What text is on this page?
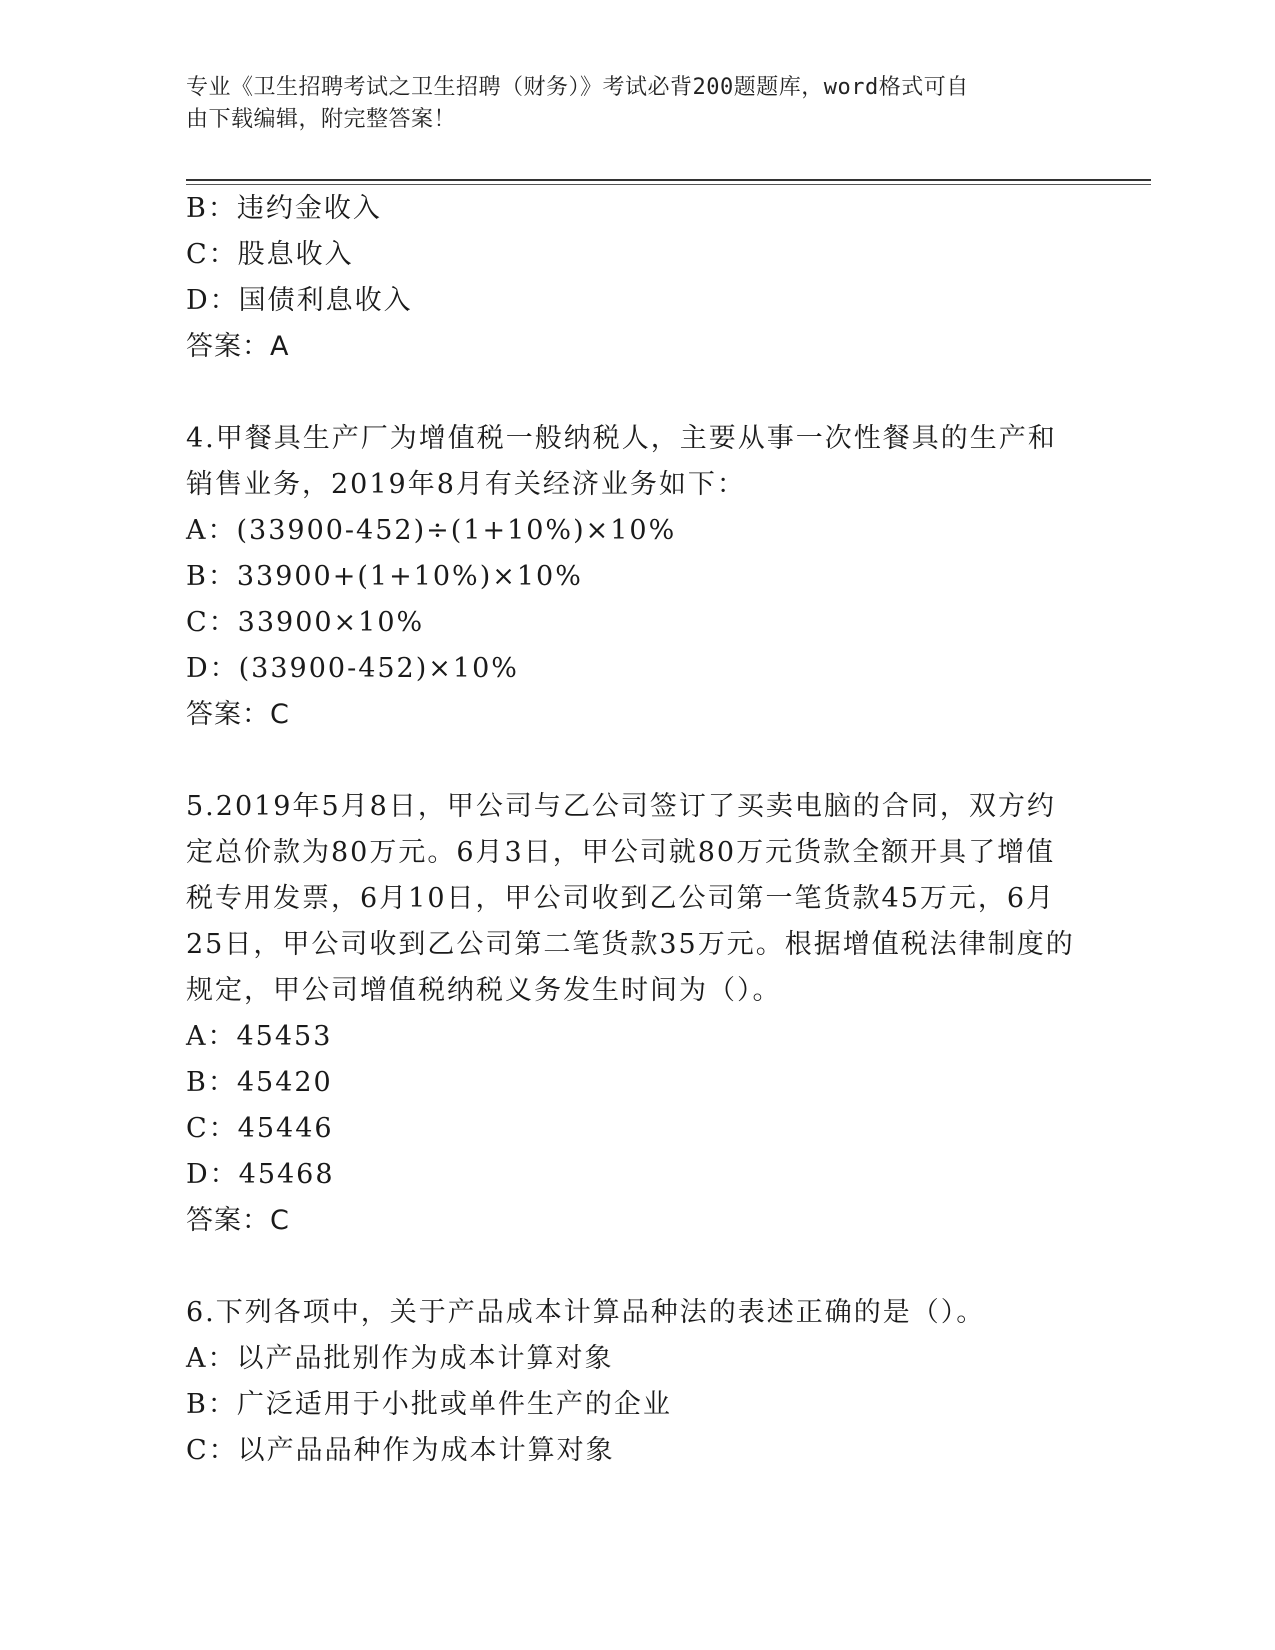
专业《卫生招聘考试之卫生招聘（财务）》考试必背200题题库，word格式可自
由下载编辑，附完整答案！
B：违约金收入
C：股息收入
D：国债利息收入
答案：A
4.甲餐具生产厂为增值税一般纳税人，主要从事一次性餐具的生产和
销售业务，2019年8月有关经济业务如下：
A：(33900-452)÷(1+10%)×10%
B：33900+(1+10%)×10%
C：33900×10%
D：(33900-452)×10%
答案：C
5.2019年5月8日，甲公司与乙公司签订了买卖电脑的合同，双方约
定总价款为80万元。6月3日，甲公司就80万元货款全额开具了增值
税专用发票，6月10日，甲公司收到乙公司第一笔货款45万元，6月
25日，甲公司收到乙公司第二笔货款35万元。根据增值税法律制度的
规定，甲公司增值税纳税义务发生时间为（）。
A：45453
B：45420
C：45446
D：45468
答案：C
6.下列各项中，关于产品成本计算品种法的表述正确的是（）。
A：以产品批别作为成本计算对象
B：广泛适用于小批或单件生产的企业
C：以产品品种作为成本计算对象
